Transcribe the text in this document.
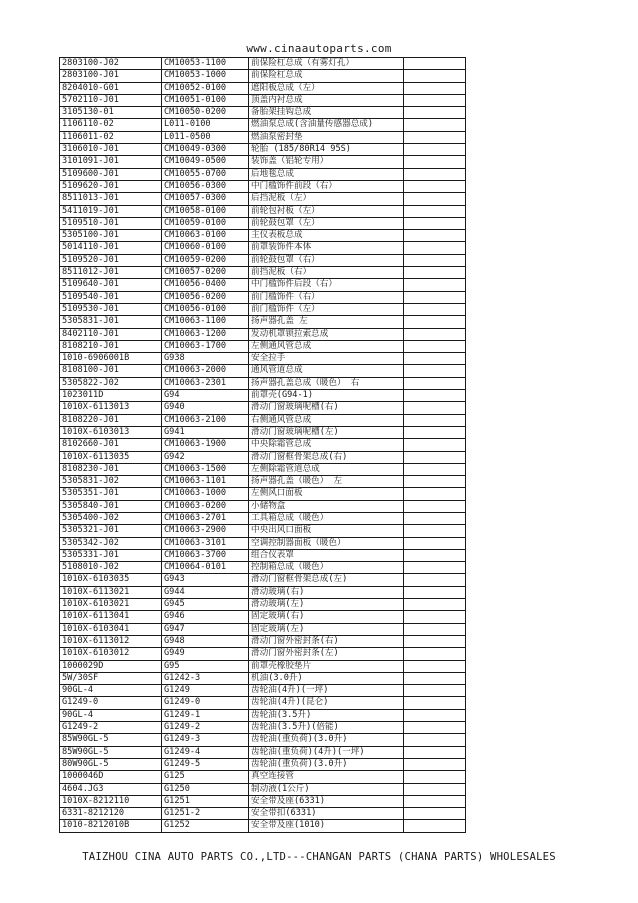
www.cinaautoparts.com
2803100-J02	CM10053-1100	前保险杠总成（有雾灯孔）	
2803100-J01	CM10053-1000	前保险杠总成	
8204010-G01	CM10052-0100	遮阳板总成（左）	
5702110-J01	CM10051-0100	顶盖内衬总成	
3105130-01	CM10050-0200	备胎架挂钩总成	
1106110-02	L011-0100	燃油泵总成(含油量传感器总成)	
1106011-02	L011-0500	燃油泵密封垫	
3106010-J01	CM10049-0300	轮胎 (185/80R14 95S)	
3101091-J01	CM10049-0500	装饰盖（铝轮专用）	
5109600-J01	CM10055-0700	后地毯总成	
5109620-J01	CM10056-0300	中门槛饰件前段（右）	
8511013-J01	CM10057-0300	后挡泥板（左）	
5411019-J01	CM10058-0100	前轮包衬板（左）	
5109510-J01	CM10059-0100	前轮鼓包罩（左）	
5305100-J01	CM10063-0100	主仪表板总成	
5014110-J01	CM10060-0100	前罩装饰件本体	
5109520-J01	CM10059-0200	前轮鼓包罩（右）	
8511012-J01	CM10057-0200	前挡泥板（右）	
5109640-J01	CM10056-0400	中门槛饰件后段（右）	
5109540-J01	CM10056-0200	前门槛饰件（右）	
5109530-J01	CM10056-0100	前门槛饰件（左）	
5305831-J01	CM10063-1100	扬声器孔盖 左	
8402110-J01	CM10063-1200	发动机罩锁拉索总成	
8108210-J01	CM10063-1700	左侧通风管总成	
1010-6906001B	G938	安全拉手	
8108100-J01	CM10063-2000	通风管道总成	
5305822-J02	CM10063-2301	扬声器孔盖总成（暖色） 右	
1023011D	G94	前罩壳(G94-1)	
1010X-6113013	G940	滑动门窗玻璃呢槽(右)	
8108220-J01	CM10063-2100	右侧通风管总成	
1010X-6103013	G941	滑动门窗玻璃呢槽(左)	
8102660-J01	CM10063-1900	中央除霜管总成	
1010X-6113035	G942	滑动门窗框骨架总成(右)	
8108230-J01	CM10063-1500	左侧除霜管道总成	
5305831-J02	CM10063-1101	扬声器孔盖（暖色） 左	
5305351-J01	CM10063-1000	左侧风口面板	
5305840-J01	CM10063-0200	小储物盒	
5305400-J02	CM10063-2701	工具箱总成（暖色）	
5305321-J01	CM10063-2900	中央出风口面板	
5305342-J02	CM10063-3101	空调控制器面板（暖色）	
5305331-J01	CM10063-3700	组合仪表罩	
5108010-J02	CM10064-0101	控制箱总成（暖色）	
1010X-6103035	G943	滑动门窗框骨架总成(左)	
1010X-6113021	G944	滑动玻璃(右)	
1010X-6103021	G945	滑动玻璃(左)	
1010X-6113041	G946	固定玻璃(右)	
1010X-6103041	G947	固定玻璃(左)	
1010X-6113012	G948	滑动门窗外密封条(右)	
1010X-6103012	G949	滑动门窗外密封条(左)	
1000029D	G95	前罩壳橡胶垫片	
5W/30SF	G1242-3	机油(3.0升)	
90GL-4	G1249	齿轮油(4升)(一坪)	
G1249-0	G1249-0	齿轮油(4升)(昆仑)	
90GL-4	G1249-1	齿轮油(3.5升)	
G1249-2	G1249-2	齿轮油(3.5升)(倍能)	
85W90GL-5	G1249-3	齿轮油(重负荷)(3.0升)	
85W90GL-5	G1249-4	齿轮油(重负荷)(4升)(一坪)	
80W90GL-5	G1249-5	齿轮油(重负荷)(3.0升)	
1000046D	G125	真空连接管	
4604.JG3	G1250	制动液(1公斤)	
1010X-8212110	G1251	安全带及座(6331)	
6331-8212120	G1251-2	安全带扣(6331)	
1010-8212010B	G1252	安全带及座(1010)	
TAIZHOU CINA AUTO PARTS CO.,LTD---CHANGAN PARTS (CHANA PARTS) WHOLESALES
